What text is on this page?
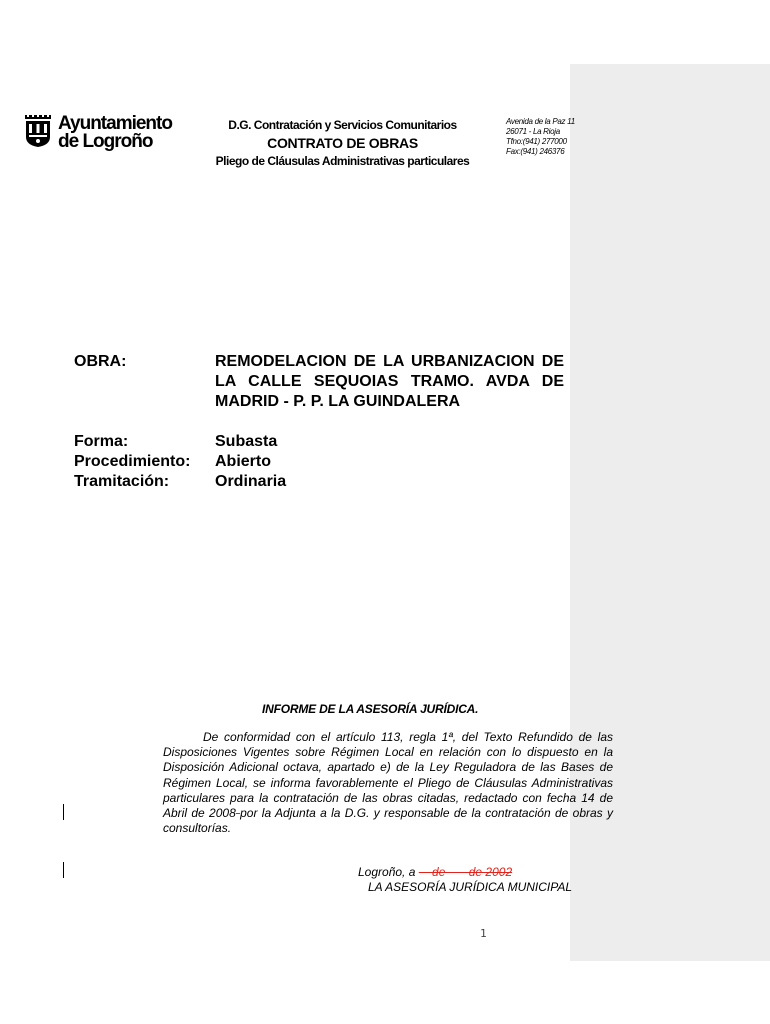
Ayuntamiento
de Logroño
D.G. Contratación y Servicios Comunitarios
CONTRATO DE OBRAS
Pliego de Cláusulas Administrativas particulares
Avenida de la Paz 11
26071 - La Rioja
Tfno:(941) 277000
Fax:(941) 246376
OBRA:	REMODELACION DE LA URBANIZACION DE LA CALLE SEQUOIAS TRAMO. AVDA DE MADRID - P. P. LA GUINDALERA
Forma:	Subasta
Procedimiento: Abierto
Tramitación:	Ordinaria
INFORME DE LA ASESORÍA JURÍDICA.
De conformidad con el artículo 113, regla 1ª, del Texto Refundido de las Disposiciones Vigentes sobre Régimen Local en relación con lo dispuesto en la Disposición Adicional octava, apartado e) de la Ley Reguladora de las Bases de Régimen Local, se informa favorablemente el Pliego de Cláusulas Administrativas particulares para la contratación de las obras citadas, redactado con fecha 14 de Abril de 2008 por la Adjunta a la D.G. y responsable de la contratación de obras y consultorías.
Logroño, a     de       de 2002
LA ASESORÍA JURÍDICA MUNICIPAL
1
